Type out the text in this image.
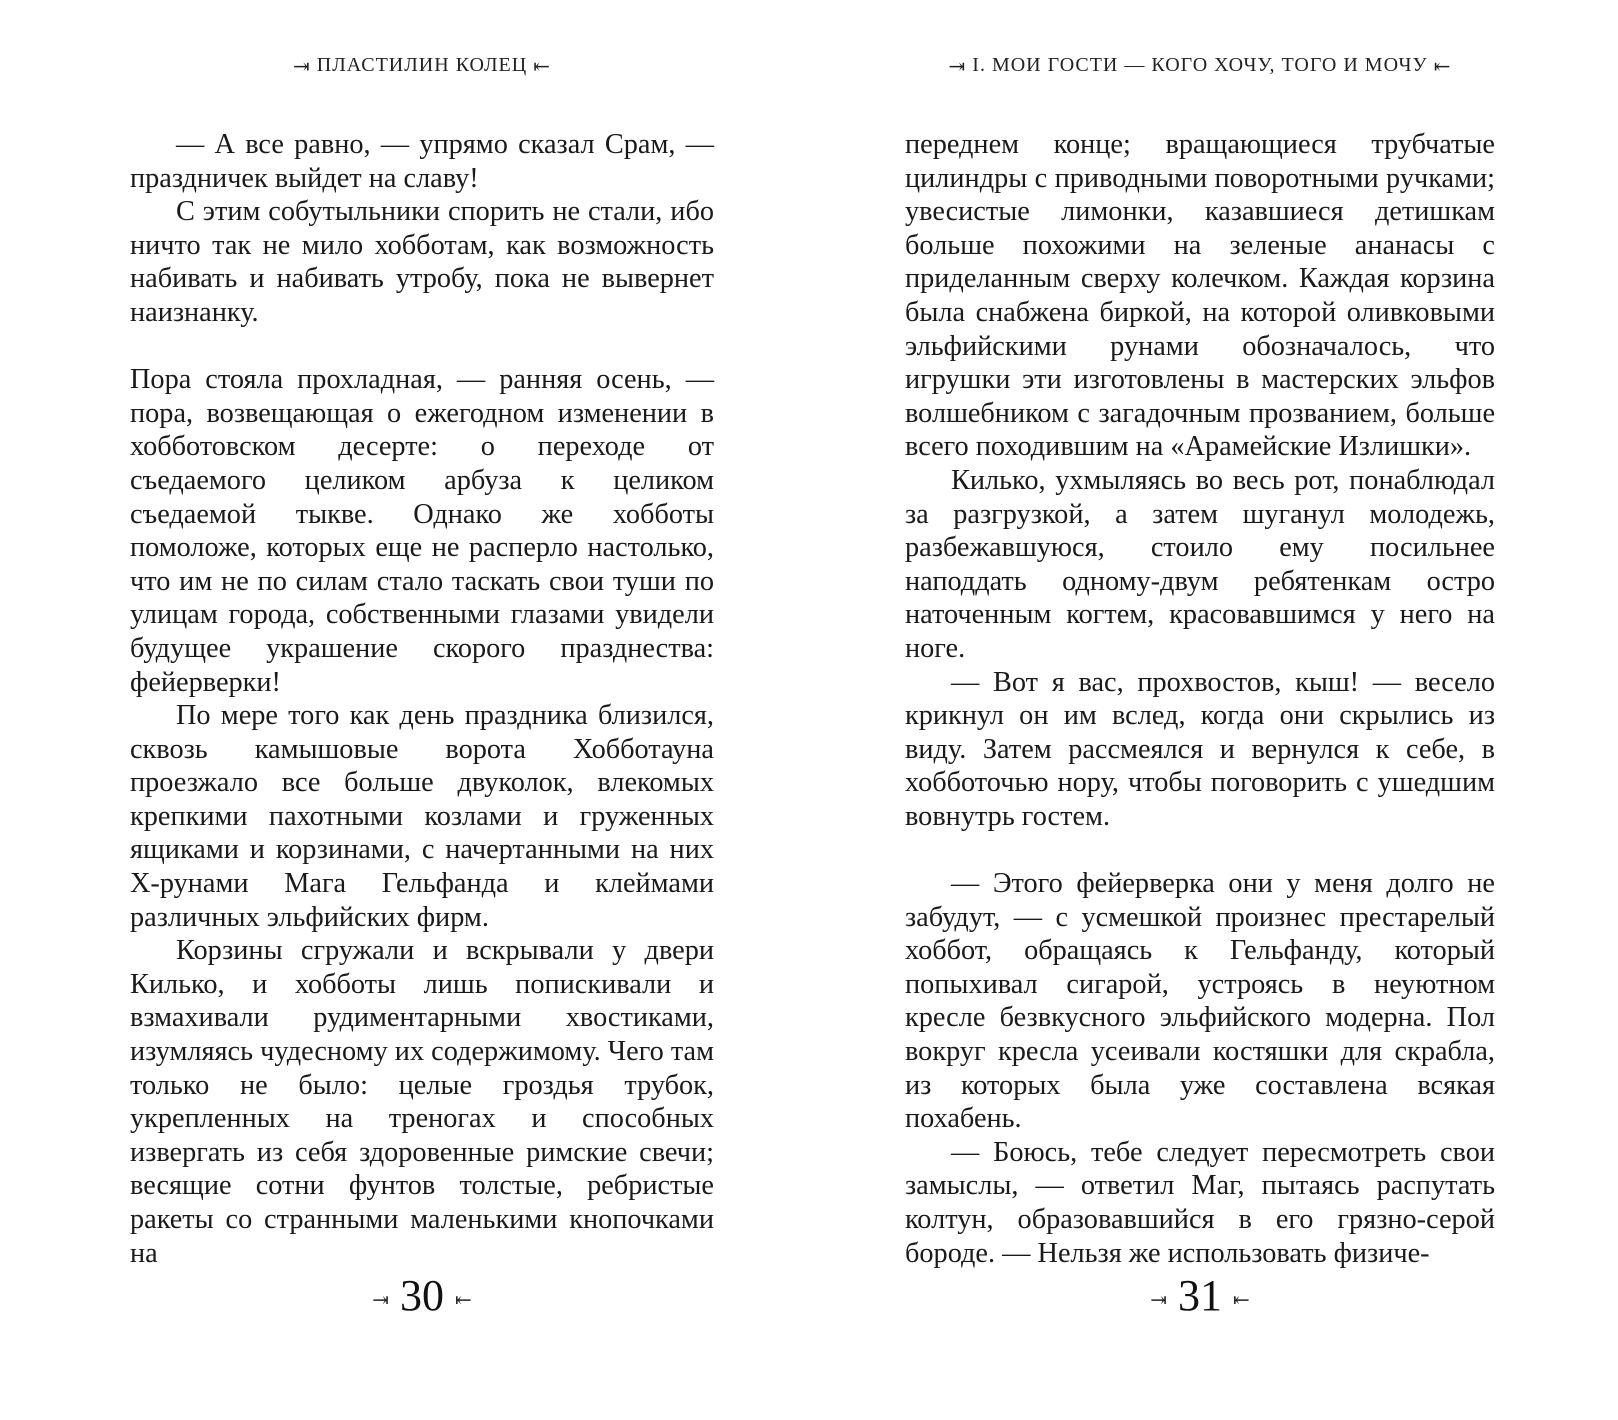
⇥ ПЛАСТИЛИН КОЛЕЦ ⇤

— А все равно, — упрямо сказал Срам, — праздничек выйдет на славу!

С этим собутыльники спорить не стали, ибо ничто так не мило хобботам, как возможность набивать и набивать утробу, пока не вывернет наизнанку.

Пора стояла прохладная, — ранняя осень, — пора, возвещающая о ежегодном изменении в хобботовском десерте: о переходе от съедаемого целиком арбуза к целиком съедаемой тыкве. Однако же хобботы помоложе, которых еще не расперло настолько, что им не по силам стало таскать свои туши по улицам города, собственными глазами увидели будущее украшение скорого празднества: фейерверки!

По мере того как день праздника близился, сквозь камышовые ворота Хобботауна проезжало все больше двуколок, влекомых крепкими пахотными козлами и груженных ящиками и корзинами, с начертанными на них Х-рунами Мага Гельфанда и клеймами различных эльфийских фирм.

Корзины сгружали и вскрывали у двери Килько, и хобботы лишь попискивали и взмахивали рудиментарными хвостиками, изумляясь чудесному их содержимому. Чего там только не было: целые гроздья трубок, укрепленных на треногах и способных извергать из себя здоровенные римские свечи; весящие сотни фунтов толстые, ребристые ракеты со странными маленькими кнопочками на

⇥ 30 ⇤
⇥ I. МОИ ГОСТИ — КОГО ХОЧУ, ТОГО И МОЧУ ⇤

переднем конце; вращающиеся трубчатые цилиндры с приводными поворотными ручками; увесистые лимонки, казавшиеся детишкам больше похожими на зеленые ананасы с приделанным сверху колечком. Каждая корзина была снабжена биркой, на которой оливковыми эльфийскими рунами обозначалось, что игрушки эти изготовлены в мастерских эльфов волшебником с загадочным прозванием, больше всего походившим на «Арамейские Излишки».

Килько, ухмыляясь во весь рот, понаблюдал за разгрузкой, а затем шуганул молодежь, разбежавшуюся, стоило ему посильнее наподдать одному-двум ребятенкам остро наточенным когтем, красовавшимся у него на ноге.

— Вот я вас, прохвостов, кыш! — весело крикнул он им вслед, когда они скрылись из виду. Затем рассмеялся и вернулся к себе, в хобботочью нору, чтобы поговорить с ушедшим вовнутрь гостем.

— Этого фейерверка они у меня долго не забудут, — с усмешкой произнес престарелый хоббот, обращаясь к Гельфанду, который попыхивал сигарой, устроясь в неуютном кресле безвкусного эльфийского модерна. Пол вокруг кресла усеивали костяшки для скрабла, из которых была уже составлена всякая похабень.

— Боюсь, тебе следует пересмотреть свои замыслы, — ответил Маг, пытаясь распутать колтун, образовавшийся в его грязно-серой бороде. — Нельзя же использовать физиче-

⇥ 31 ⇤
